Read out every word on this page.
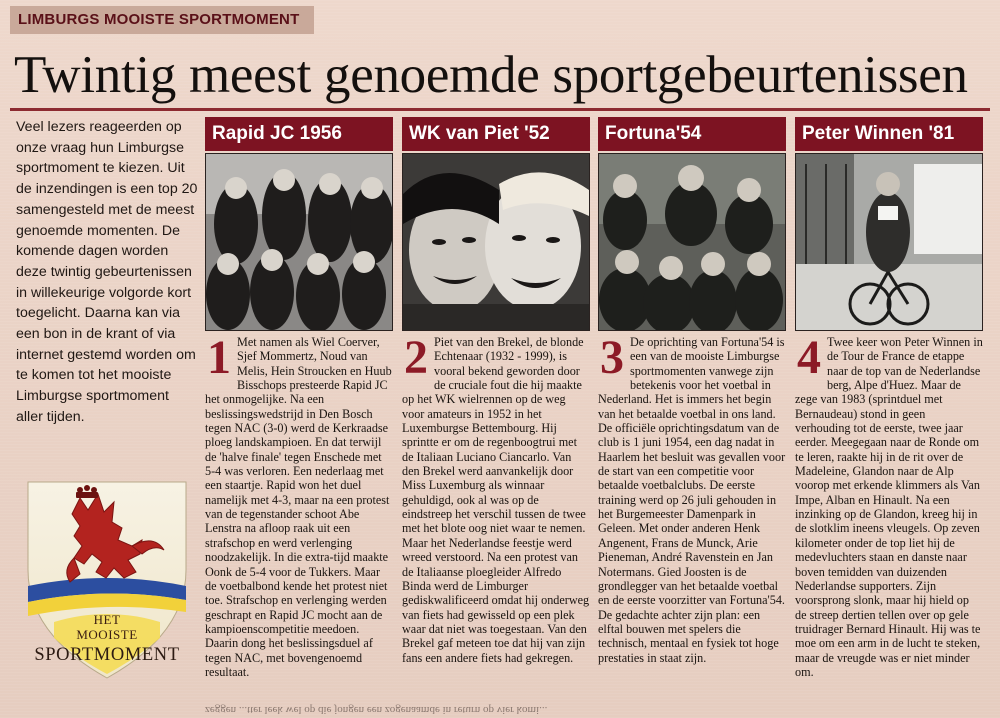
LIMBURGS MOOISTE SPORTMOMENT
Twintig meest genoemde sportgebeurtenissen

Veel lezers reageerden op onze vraag hun Limburgse sportmoment te kiezen. Uit de inzendingen is een top 20 samengesteld met de meest genoemde momenten. De komende dagen worden deze twintig gebeurtenissen in willekeurige volgorde kort toegelicht. Daarna kan via een bon in de krant of via internet gestemd worden om te komen tot het mooiste Limburgse sportmoment aller tijden.

HET
MOOISTE
SPORTMOMENT
Rapid JC 1956
1 Met namen als Wiel Coerver, Sjef Mommertz, Noud van Melis, Hein Stroucken en Huub Bisschops presteerde Rapid JC het onmogelijke. Na een beslissingswedstrijd in Den Bosch tegen NAC (3-0) werd de Kerkraadse ploeg landskampioen. En dat terwijl de 'halve finale' tegen Enschede met 5-4 was verloren. Een nederlaag met een staartje. Rapid won het duel namelijk met 4-3, maar na een protest van de tegenstander schoot Abe Lenstra na afloop raak uit een strafschop en werd verlenging noodzakelijk. In die extra-tijd maakte Oonk de 5-4 voor de Tukkers. Maar de voetbalbond kende het protest niet toe. Strafschop en verlenging werden geschrapt en Rapid JC mocht aan de kampioenscompetitie meedoen. Daarin dong het beslissingsduel af tegen NAC, met bovengenoemd resultaat.
WK van Piet '52
2 Piet van den Brekel, de blonde Echtenaar (1932 - 1999), is vooral bekend geworden door de cruciale fout die hij maakte op het WK wielrennen op de weg voor amateurs in 1952 in het Luxemburgse Bettembourg. Hij sprintte er om de regenboogtrui met de Italiaan Luciano Ciancarlo. Van den Brekel werd aanvankelijk door Miss Luxemburg als winnaar gehuldigd, ook al was op de eindstreep het verschil tussen de twee met het blote oog niet waar te nemen. Maar het Nederlandse feestje werd wreed verstoord. Na een protest van de Italiaanse ploegleider Alfredo Binda werd de Limburger gediskwalificeerd omdat hij onderweg van fiets had gewisseld op een plek waar dat niet was toegestaan. Van den Brekel gaf meteen toe dat hij van zijn fans een andere fiets had gekregen.
Fortuna'54
3 De oprichting van Fortuna'54 is een van de mooiste Limburgse sportmomenten vanwege zijn betekenis voor het voetbal in Nederland. Het is immers het begin van het betaalde voetbal in ons land. De officiële oprichtingsdatum van de club is 1 juni 1954, een dag nadat in Haarlem het besluit was gevallen voor de start van een competitie voor betaalde voetbalclubs. De eerste training werd op 26 juli gehouden in het Burgemeester Damenpark in Geleen. Met onder anderen Henk Angenent, Frans de Munck, Arie Pieneman, André Ravenstein en Jan Notermans. Gied Joosten is de grondlegger van het betaalde voetbal en de eerste voorzitter van Fortuna'54. De gedachte achter zijn plan: een elftal bouwen met spelers die technisch, mentaal en fysiek tot hoge prestaties in staat zijn.
Peter Winnen '81
4 Twee keer won Peter Winnen in de Tour de France de etappe naar de top van de Nederlandse berg, Alpe d'Huez. Maar de zege van 1983 (sprintduel met Bernaudeau) stond in geen verhouding tot de eerste, twee jaar eerder. Meegegaan naar de Ronde om te leren, raakte hij in de rit over de Madeleine, Glandon naar de Alp voorop met erkende klimmers als Van Impe, Alban en Hinault. Na een inzinking op de Glandon, kreeg hij in de slotklim ineens vleugels. Op zeven kilometer onder de top liet hij de medevluchters staan en danste naar boven temidden van duizenden Nederlandse supporters. Zijn voorsprong slonk, maar hij hield op de streep dertien tellen over op gele truidrager Bernard Hinault. Hij was te moe om een arm in de lucht te steken, maar de vreugde was er niet minder om.
zeggen ...tter leek wel op die jongen een zogenaamde in return op vier komi...
